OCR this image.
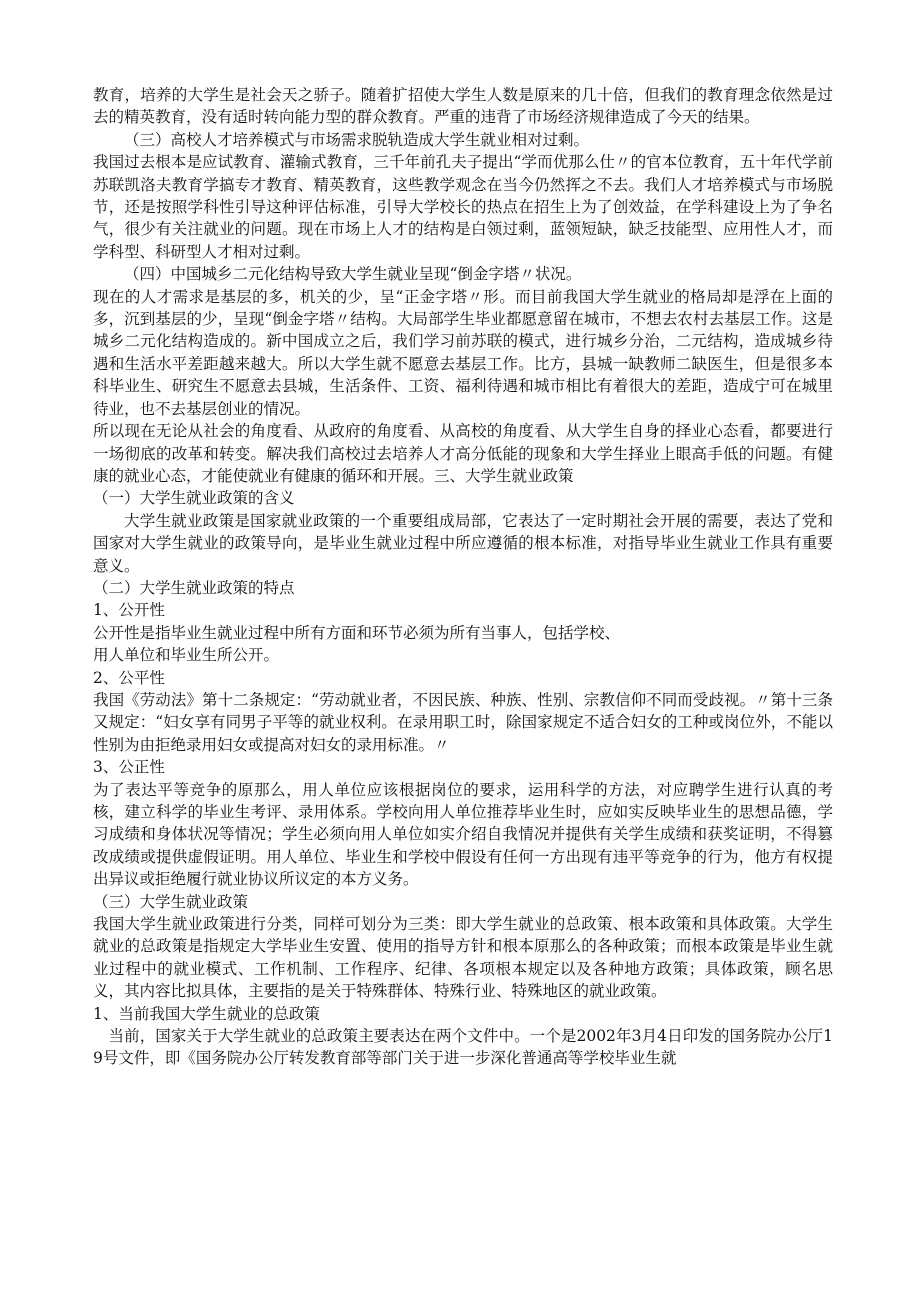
教育，培养的大学生是社会天之骄子。随着扩招使大学生人数是原来的几十倍，但我们的教育理念依然是过去的精英教育，没有适时转向能力型的群众教育。严重的违背了市场经济规律造成了今天的结果。

（三）高校人才培养模式与市场需求脱轨造成大学生就业相对过剩。

我国过去根本是应试教育、灌输式教育，三千年前孔夫子提出“学而优那么仕〃的官本位教育，五十年代学前苏联凯洛夫教育学搞专才教育、精英教育，这些教学观念在当今仍然挥之不去。我们人才培养模式与市场脱节，还是按照学科性引导这种评估标准，引导大学校长的热点在招生上为了创效益，在学科建设上为了争名气，很少有关注就业的问题。现在市场上人才的结构是白领过剩，蓝领短缺，缺乏技能型、应用性人才，而学科型、科研型人才相对过剩。

（四）中国城乡二元化结构导致大学生就业呈现“倒金字塔〃状况。

现在的人才需求是基层的多，机关的少，呈“正金字塔〃形。而目前我国大学生就业的格局却是浮在上面的多，沉到基层的少，呈现“倒金字塔〃结构。大局部学生毕业都愿意留在城市，不想去农村去基层工作。这是城乡二元化结构造成的。新中国成立之后，我们学习前苏联的模式，进行城乡分治，二元结构，造成城乡待遇和生活水平差距越来越大。所以大学生就不愿意去基层工作。比方，县城一缺教师二缺医生，但是很多本科毕业生、研究生不愿意去县城，生活条件、工资、福利待遇和城市相比有着很大的差距，造成宁可在城里待业，也不去基层创业的情况。

所以现在无论从社会的角度看、从政府的角度看、从高校的角度看、从大学生自身的择业心态看，都要进行一场彻底的改革和转变。解决我们高校过去培养人才高分低能的现象和大学生择业上眼高手低的问题。有健康的就业心态，才能使就业有健康的循环和开展。三、大学生就业政策

（一）大学生就业政策的含义

大学生就业政策是国家就业政策的一个重要组成局部，它表达了一定时期社会开展的需要，表达了党和国家对大学生就业的政策导向，是毕业生就业过程中所应遵循的根本标准，对指导毕业生就业工作具有重要意义。

（二）大学生就业政策的特点

1、公开性

公开性是指毕业生就业过程中所有方面和环节必须为所有当事人，包括学校、

用人单位和毕业生所公开。

2、公平性

我国《劳动法》第十二条规定：“劳动就业者，不因民族、种族、性别、宗教信仰不同而受歧视。〃第十三条又规定：“妇女享有同男子平等的就业权利。在录用职工时，除国家规定不适合妇女的工种或岗位外，不能以性别为由拒绝录用妇女或提高对妇女的录用标准。〃

3、公正性

为了表达平等竞争的原那么，用人单位应该根据岗位的要求，运用科学的方法，对应聘学生进行认真的考核，建立科学的毕业生考评、录用体系。学校向用人单位推荐毕业生时，应如实反映毕业生的思想品德，学习成绩和身体状况等情况；学生必须向用人单位如实介绍自我情况并提供有关学生成绩和获奖证明，不得篡改成绩或提供虚假证明。用人单位、毕业生和学校中假设有任何一方出现有违平等竞争的行为，他方有权提出异议或拒绝履行就业协议所议定的本方义务。

（三）大学生就业政策

我国大学生就业政策进行分类，同样可划分为三类：即大学生就业的总政策、根本政策和具体政策。大学生就业的总政策是指规定大学毕业生安置、使用的指导方针和根本原那么的各种政策；而根本政策是毕业生就业过程中的就业模式、工作机制、工作程序、纪律、各项根本规定以及各种地方政策；具体政策，顾名思义，其内容比拟具体，主要指的是关于特殊群体、特殊行业、特殊地区的就业政策。

1、当前我国大学生就业的总政策

当前，国家关于大学生就业的总政策主要表达在两个文件中。一个是2002年3月4日印发的国务院办公厅19号文件，即《国务院办公厅转发教育部等部门关于进一步深化普通高等学校毕业生就
